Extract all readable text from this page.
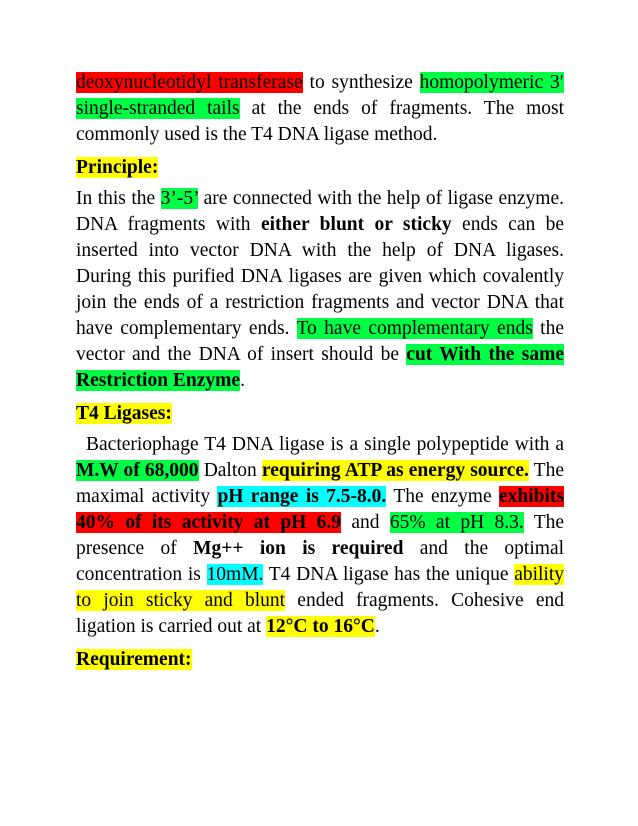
deoxynucleotidyl transferase to synthesize homopolymeric 3′ single-stranded tails at the ends of fragments. The most commonly used is the T4 DNA ligase method.

Principle:

In this the 3’-5’ are connected with the help of ligase enzyme. DNA fragments with either blunt or sticky ends can be inserted into vector DNA with the help of DNA ligases. During this purified DNA ligases are given which covalently join the ends of a restriction fragments and vector DNA that have complementary ends. To have complementary ends the vector and the DNA of insert should be cut With the same Restriction Enzyme.

T4 Ligases:

Bacteriophage T4 DNA ligase is a single polypeptide with a M.W of 68,000 Dalton requiring ATP as energy source. The maximal activity pH range is 7.5-8.0. The enzyme exhibits 40% of its activity at pH 6.9 and 65% at pH 8.3. The presence of Mg++ ion is required and the optimal concentration is 10mM. T4 DNA ligase has the unique ability to join sticky and blunt ended fragments. Cohesive end ligation is carried out at 12°C to 16°C.

Requirement:
